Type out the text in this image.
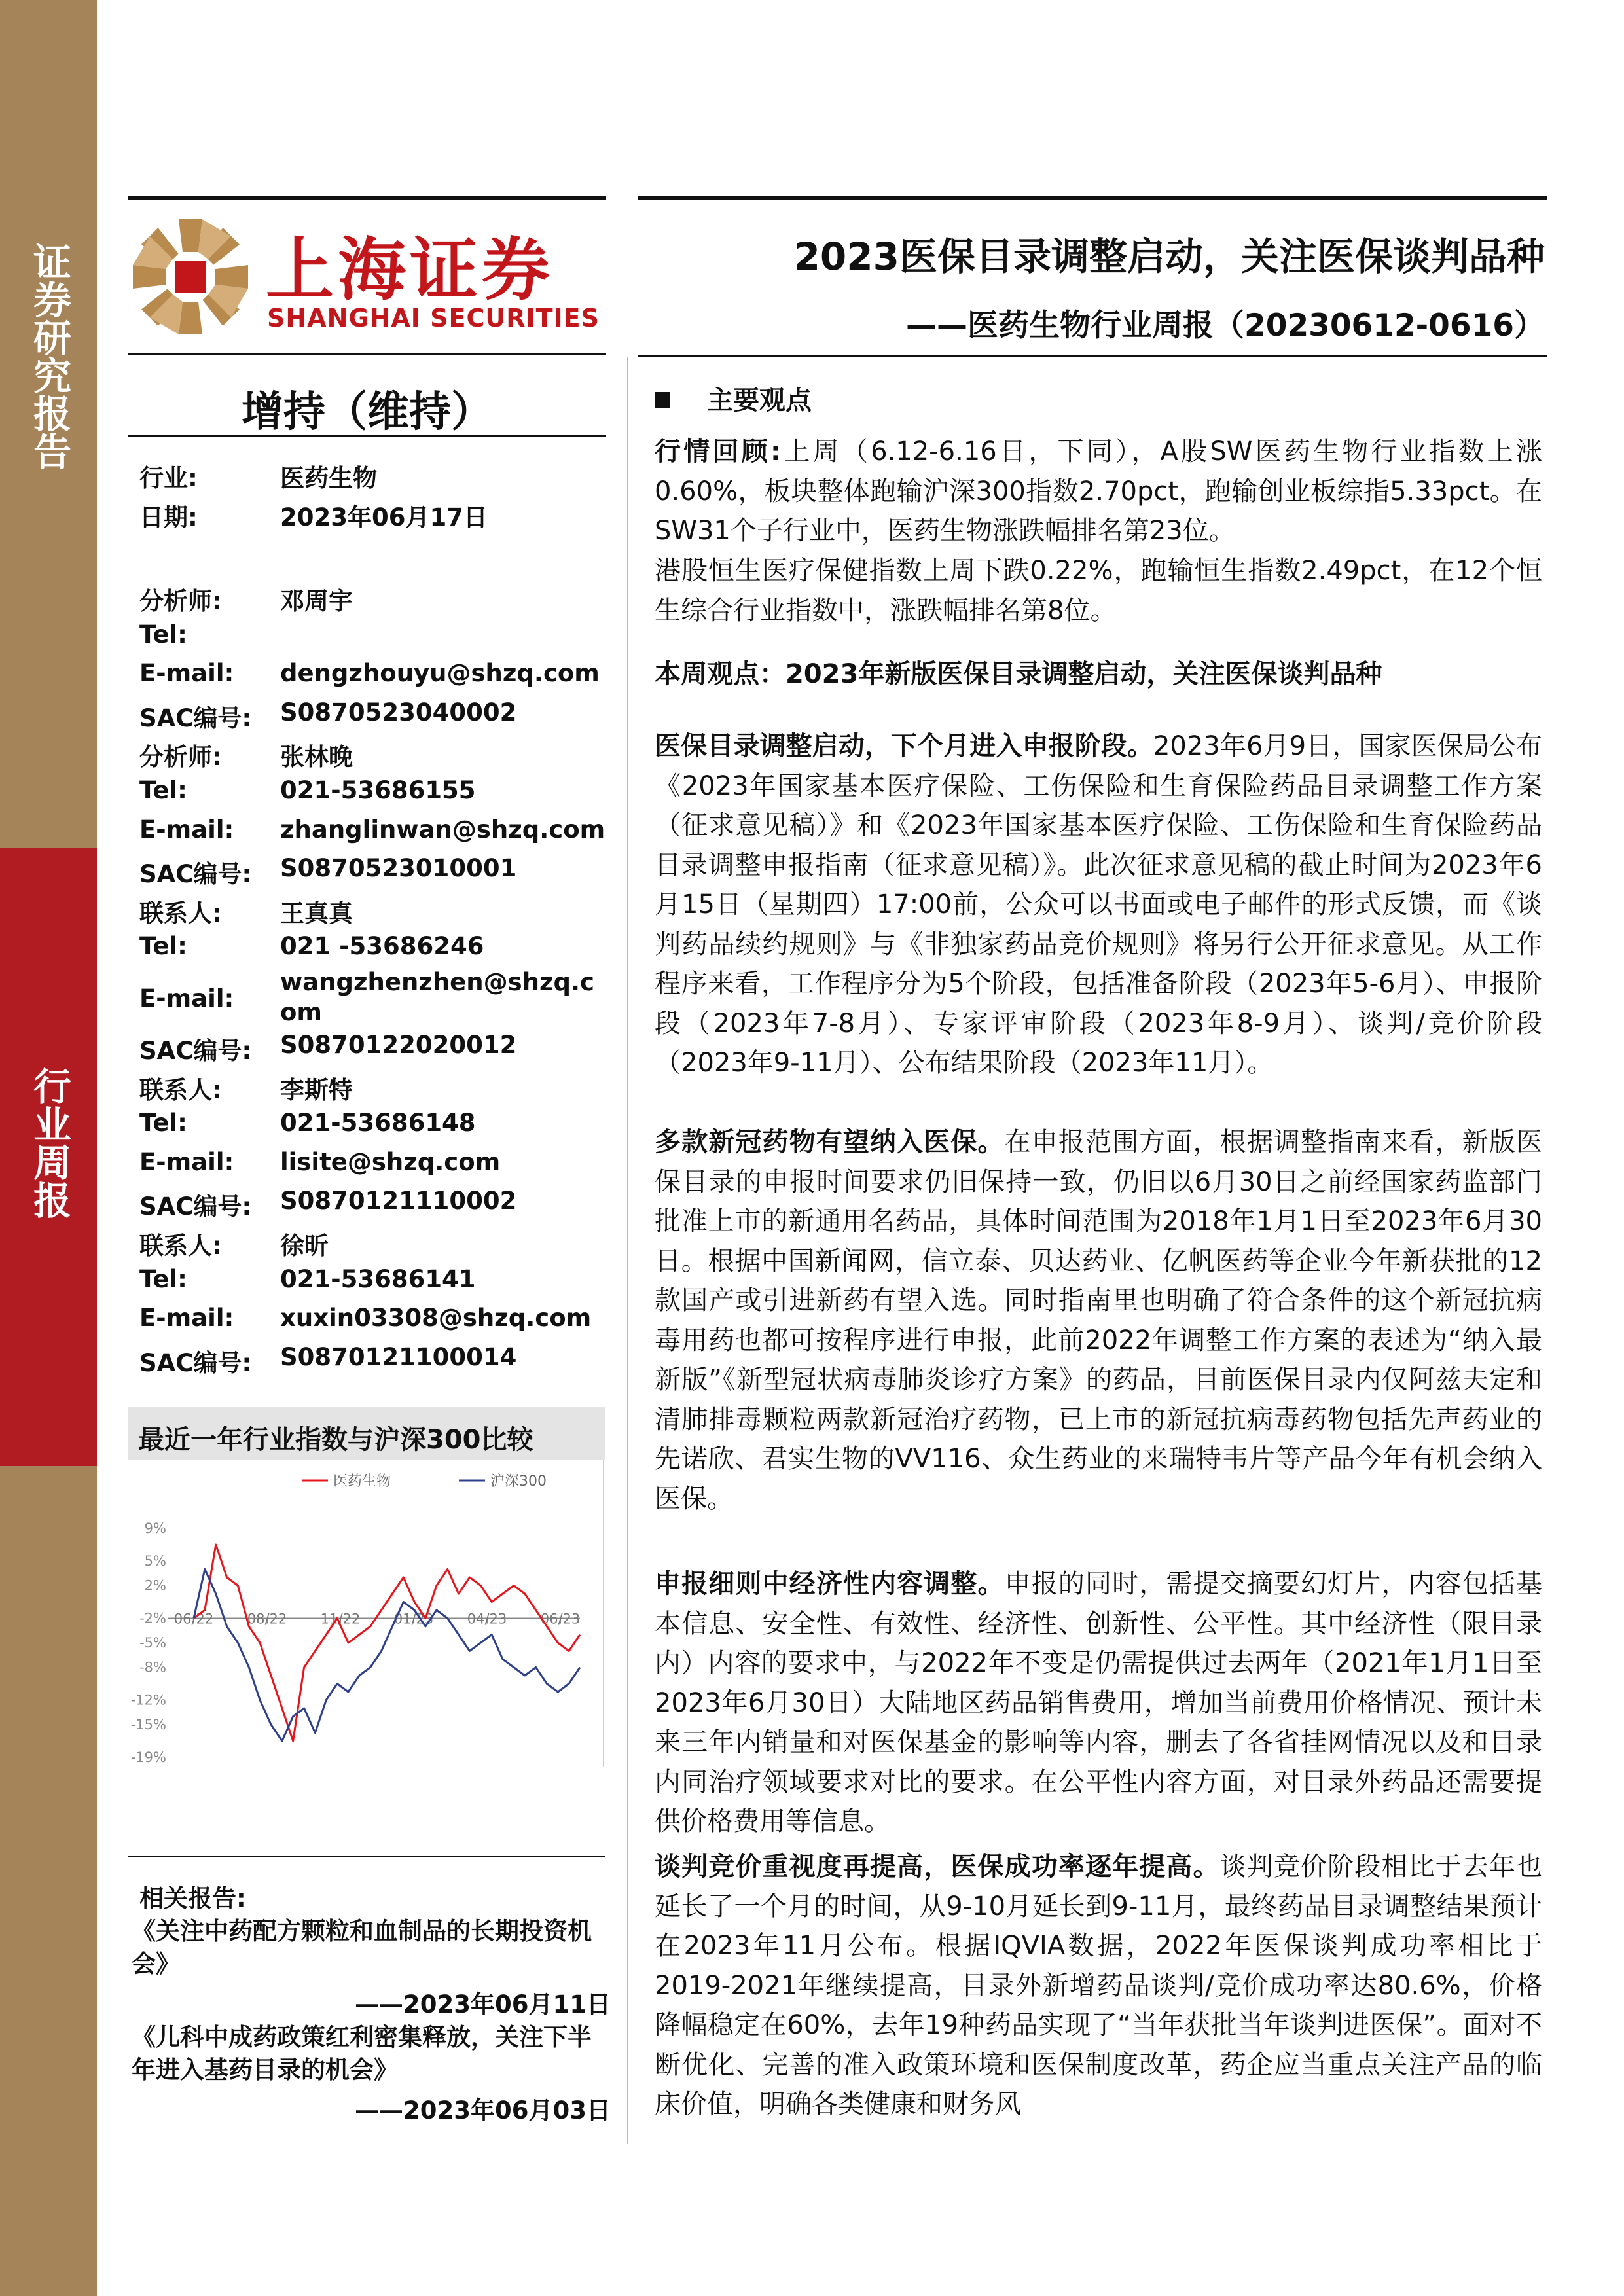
证券研究报告
行业周报
上海证券
SHANGHAI SECURITIES
2023医保目录调整启动，关注医保谈判品种
——医药生物行业周报（20230612-0616）
增持（维持）
行业:	医药生物
日期:	2023年06月17日
分析师: 邓周宇
Tel:
E-mail: dengzhouyu@shzq.com
SAC编号: S0870523040002
分析师: 张林晚
Tel:	021-53686155
E-mail: zhanglinwan@shzq.com
SAC编号: S0870523010001
联系人: 王真真
Tel:	021 -53686246
E-mail:
wangzhenzhen@shzq.com
SAC编号: S0870122020012
联系人: 李斯特
Tel:	021-53686148
E-mail: lisite@shzq.com
SAC编号: S0870121110002
联系人: 徐昕
Tel:	021-53686141
E-mail: xuxin03308@shzq.com
SAC编号: S0870121100014
最近一年行业指数与沪深300比较
医药生物	沪深300
9%
5%
2%
-2%
-5%
-8%
-12%
-15%
-19%
06/22 08/22 11/22 01/23 04/23 06/23
相关报告:
《关注中药配方颗粒和血制品的长期投资机会》
——2023年06月11日
《儿科中成药政策红利密集释放，关注下半年进入基药目录的机会》
——2023年06月03日
主要观点

行情回顾:上周（6.12-6.16日，下同），A股SW医药生物行业指数上涨0.60%，板块整体跑输沪深300指数2.70pct，跑输创业板综指5.33pct。在SW31个子行业中，医药生物涨跌幅排名第23位。

港股恒生医疗保健指数上周下跌0.22%，跑输恒生指数2.49pct，在12个恒生综合行业指数中，涨跌幅排名第8位。

本周观点：2023年新版医保目录调整启动，关注医保谈判品种

医保目录调整启动，下个月进入申报阶段。2023年6月9日，国家医保局公布《2023年国家基本医疗保险、工伤保险和生育保险药品目录调整工作方案（征求意见稿）》和《2023年国家基本医疗保险、工伤保险和生育保险药品目录调整申报指南（征求意见稿）》。此次征求意见稿的截止时间为2023年6月15日（星期四）17:00前，公众可以书面或电子邮件的形式反馈，而《谈判药品续约规则》与《非独家药品竞价规则》将另行公开征求意见。从工作程序来看，工作程序分为5个阶段，包括准备阶段（2023年5-6月）、申报阶段（2023年7-8月）、专家评审阶段（2023年8-9月）、谈判/竞价阶段（2023年9-11月）、公布结果阶段（2023年11月）。

多款新冠药物有望纳入医保。在申报范围方面，根据调整指南来看，新版医保目录的申报时间要求仍旧保持一致，仍旧以6月30日之前经国家药监部门批准上市的新通用名药品，具体时间范围为2018年1月1日至2023年6月30日。根据中国新闻网，信立泰、贝达药业、亿帆医药等企业今年新获批的12款国产或引进新药有望入选。同时指南里也明确了符合条件的这个新冠抗病毒用药也都可按程序进行申报，此前2022年调整工作方案的表述为“纳入最新版”《新型冠状病毒肺炎诊疗方案》的药品，目前医保目录内仅阿兹夫定和清肺排毒颗粒两款新冠治疗药物，已上市的新冠抗病毒药物包括先声药业的先诺欣、君实生物的VV116、众生药业的来瑞特韦片等产品今年有机会纳入医保。

申报细则中经济性内容调整。申报的同时，需提交摘要幻灯片，内容包括基本信息、安全性、有效性、经济性、创新性、公平性。其中经济性（限目录内）内容的要求中，与2022年不变是仍需提供过去两年（2021年1月1日至2023年6月30日）大陆地区药品销售费用，增加当前费用价格情况、预计未来三年内销量和对医保基金的影响等内容，删去了各省挂网情况以及和目录内同治疗领域要求对比的要求。在公平性内容方面，对目录外药品还需要提供价格费用等信息。

谈判竞价重视度再提高，医保成功率逐年提高。谈判竞价阶段相比于去年也延长了一个月的时间，从9-10月延长到9-11月，最终药品目录调整结果预计在2023年11月公布。根据IQVIA数据，2022年医保谈判成功率相比于2019-2021年继续提高，目录外新增药品谈判/竞价成功率达80.6%，价格降幅稳定在60%，去年19种药品实现了“当年获批当年谈判进医保”。面对不断优化、完善的准入政策环境和医保制度改革，药企应当重点关注产品的临床价值，明确各类健康和财务风
